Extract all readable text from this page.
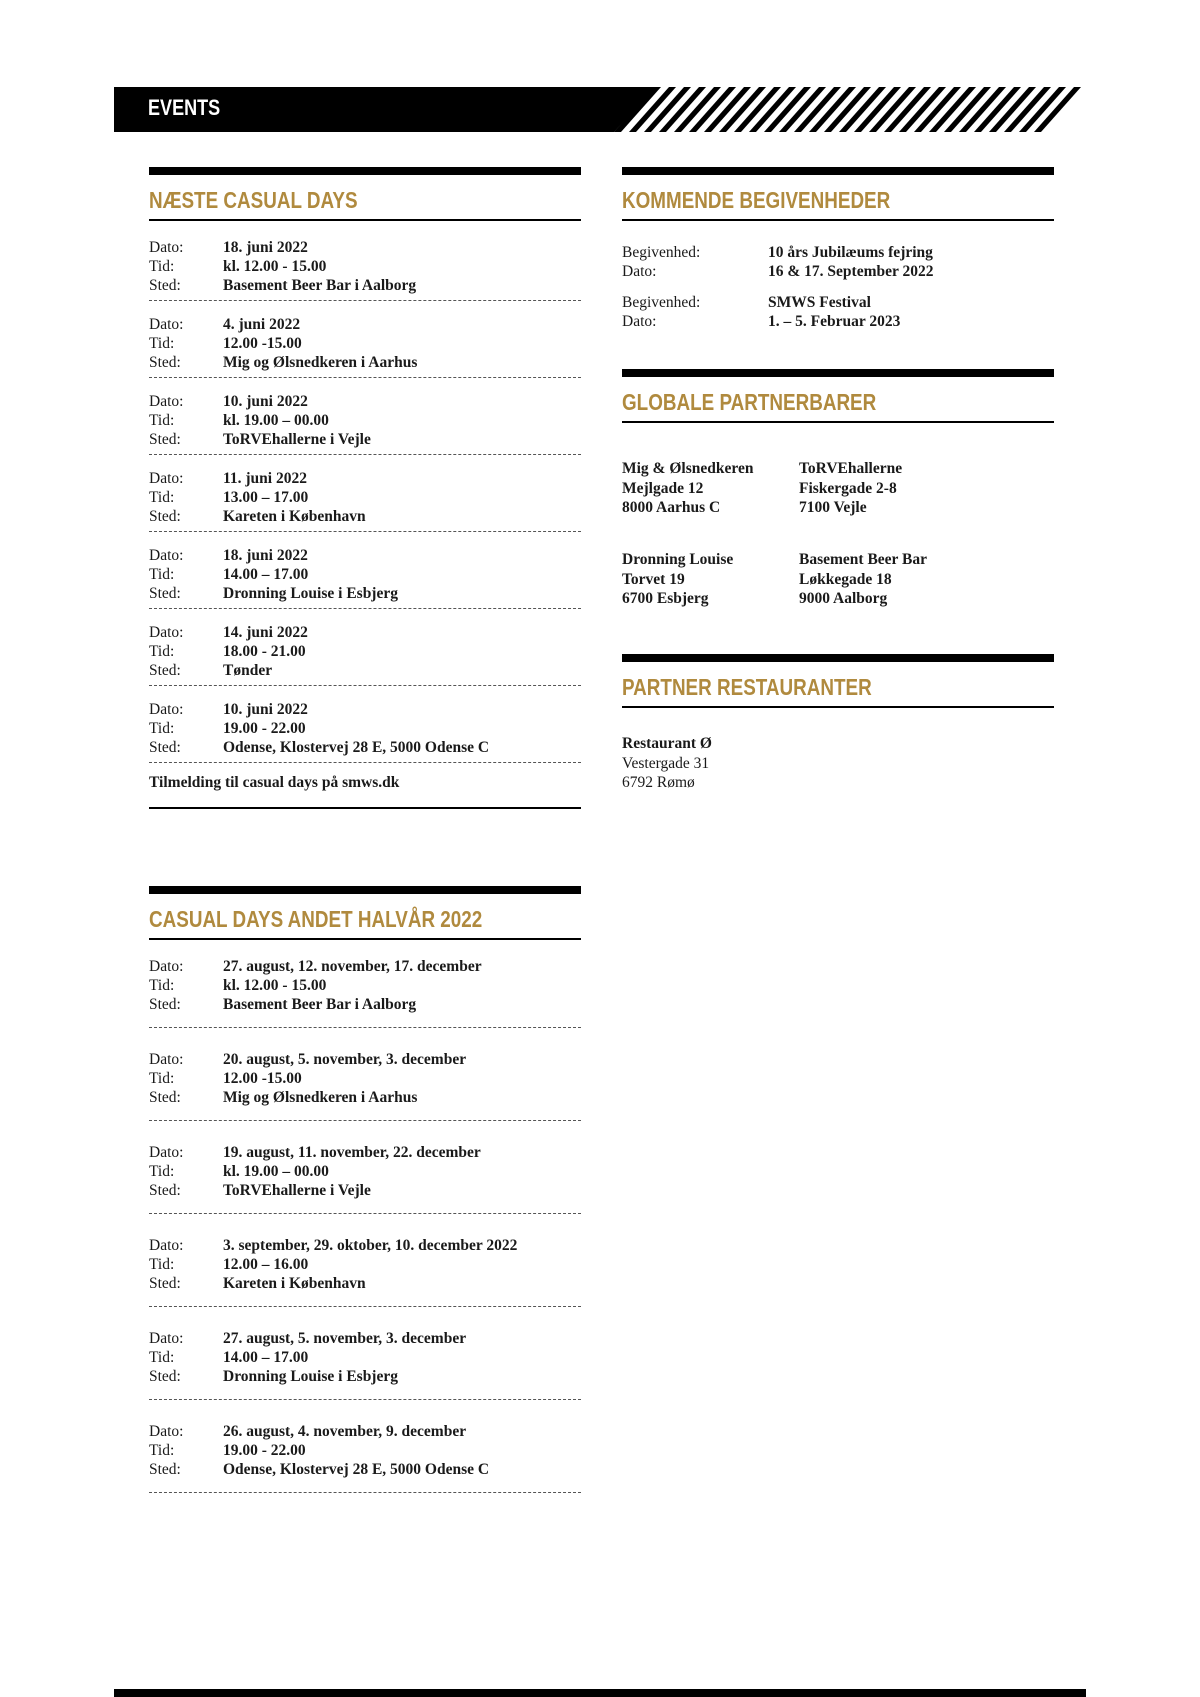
EVENTS
NÆSTE CASUAL DAYS
Dato:	18. juni 2022
Tid:	kl. 12.00 - 15.00
Sted:	Basement Beer Bar i Aalborg
Dato:	4. juni 2022
Tid:	12.00 -15.00
Sted:	Mig og Ølsnedkeren i Aarhus
Dato:	10. juni 2022
Tid:	kl. 19.00 – 00.00
Sted:	ToRVEhallerne i Vejle
Dato:	11. juni 2022
Tid:	13.00 – 17.00
Sted:	Kareten i København
Dato:	18. juni 2022
Tid:	14.00 – 17.00
Sted:	Dronning Louise i Esbjerg
Dato:	14. juni 2022
Tid:	18.00 - 21.00
Sted:	Tønder
Dato:	10. juni 2022
Tid:	19.00 - 22.00
Sted:	Odense, Klostervej 28 E, 5000 Odense C
Tilmelding til casual days på smws.dk
CASUAL DAYS ANDET HALVÅR 2022
Dato:	27. august, 12. november, 17. december
Tid:	kl. 12.00 - 15.00
Sted:	Basement Beer Bar i Aalborg
Dato:	20. august, 5. november, 3. december
Tid:	12.00 -15.00
Sted:	Mig og Ølsnedkeren i Aarhus
Dato:	19. august, 11. november, 22. december
Tid:	kl. 19.00 – 00.00
Sted:	ToRVEhallerne i Vejle
Dato:	3. september, 29. oktober, 10. december 2022
Tid:	12.00 – 16.00
Sted:	Kareten i København
Dato:	27. august, 5. november, 3. december
Tid:	14.00 – 17.00
Sted:	Dronning Louise i Esbjerg
Dato:	26. august, 4. november, 9. december
Tid:	19.00 - 22.00
Sted:	Odense, Klostervej 28 E, 5000 Odense C
KOMMENDE BEGIVENHEDER
Begivenhed:	10 års Jubilæums fejring
Dato:	16 & 17. September 2022
Begivenhed:	SMWS Festival
Dato:	1. – 5. Februar 2023
GLOBALE PARTNERBARER
Mig & Ølsnedkeren
Mejlgade 12
8000 Aarhus C
ToRVEhallerne
Fiskergade 2-8
7100 Vejle
Dronning Louise
Torvet 19
6700 Esbjerg
Basement Beer Bar
Løkkegade 18
9000 Aalborg
PARTNER RESTAURANTER
Restaurant Ø
Vestergade 31
6792 Rømø
